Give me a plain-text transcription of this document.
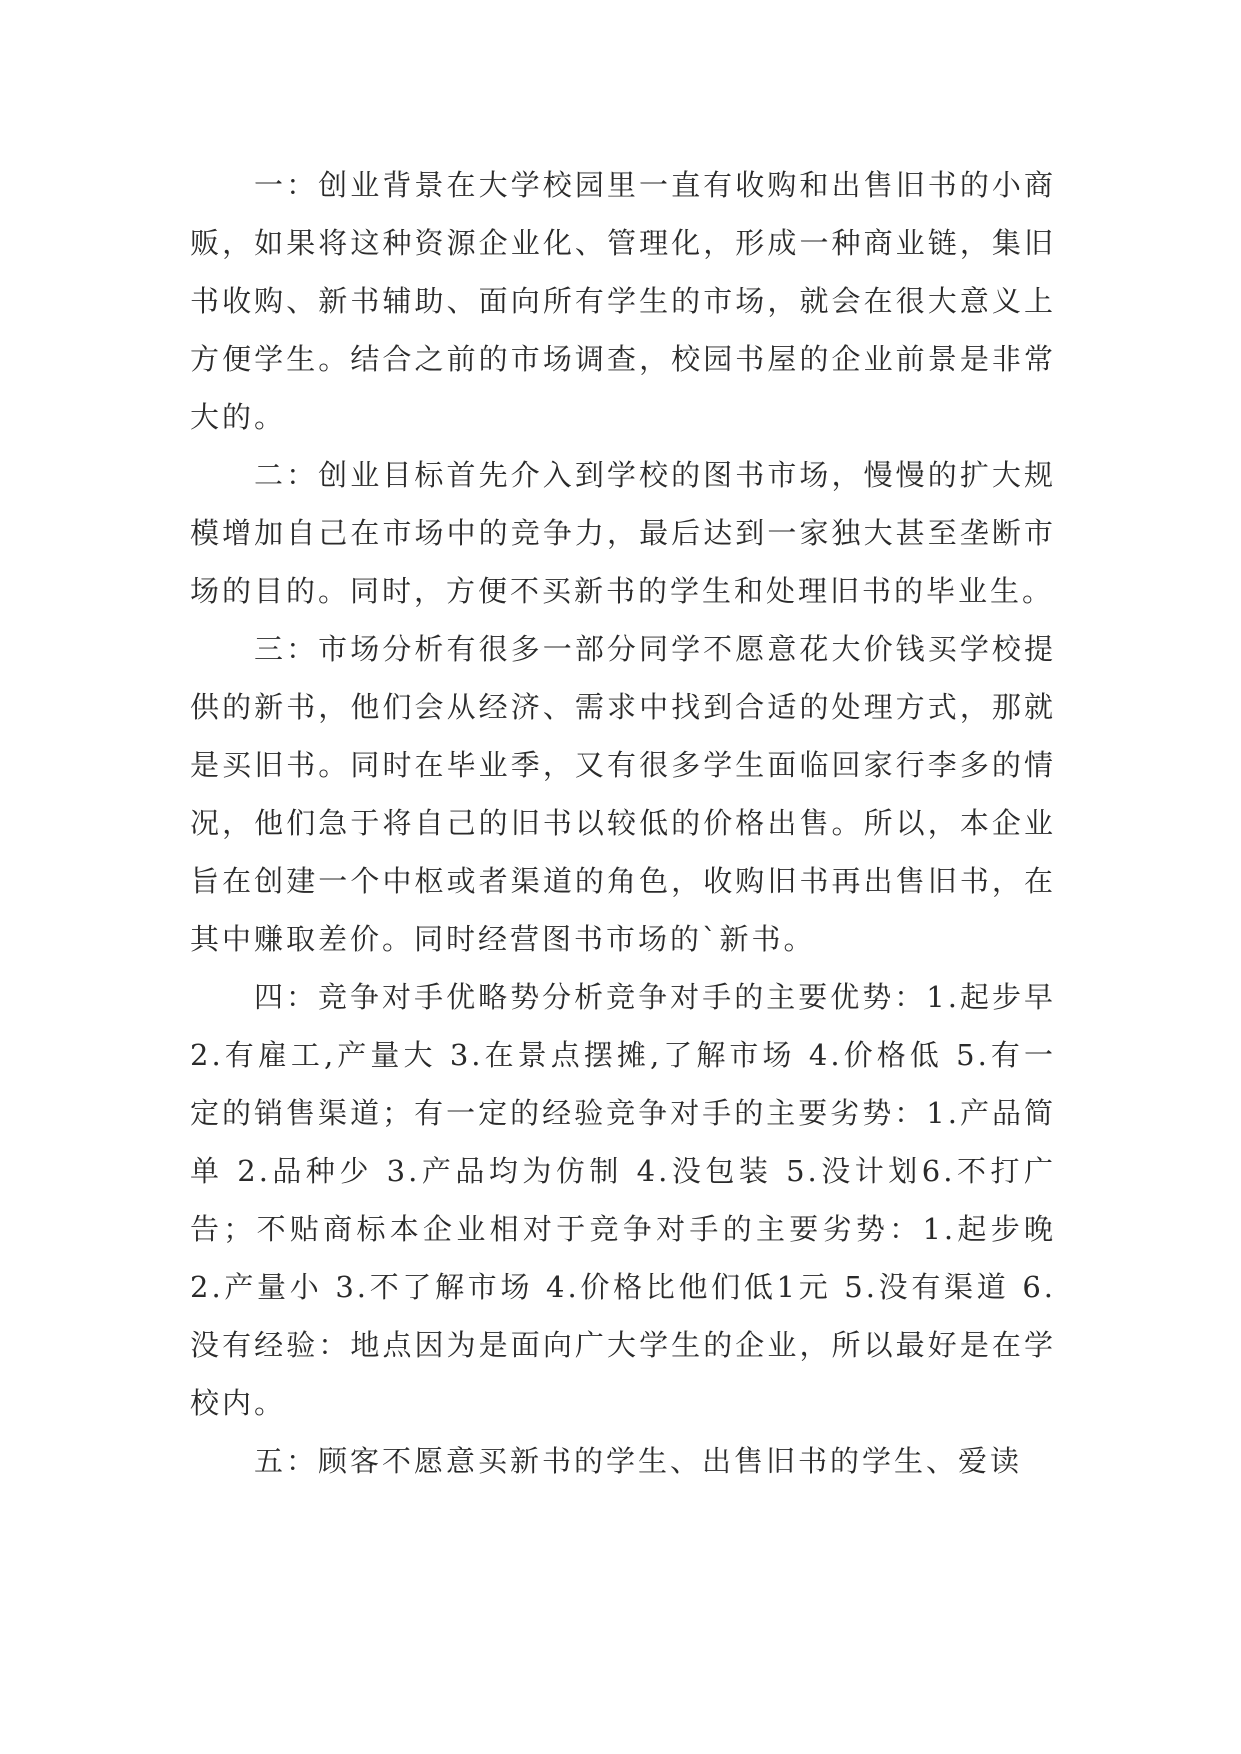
一：创业背景在大学校园里一直有收购和出售旧书的小商贩，如果将这种资源企业化、管理化，形成一种商业链，集旧书收购、新书辅助、面向所有学生的市场，就会在很大意义上方便学生。结合之前的市场调查，校园书屋的企业前景是非常大的。

二：创业目标首先介入到学校的图书市场，慢慢的扩大规模增加自己在市场中的竞争力，最后达到一家独大甚至垄断市场的目的。同时，方便不买新书的学生和处理旧书的毕业生。

三：市场分析有很多一部分同学不愿意花大价钱买学校提供的新书，他们会从经济、需求中找到合适的处理方式，那就是买旧书。同时在毕业季，又有很多学生面临回家行李多的情况，他们急于将自己的旧书以较低的价格出售。所以，本企业旨在创建一个中枢或者渠道的角色，收购旧书再出售旧书，在其中赚取差价。同时经营图书市场的`新书。

四：竞争对手优略势分析竞争对手的主要优势：1.起步早 2.有雇工,产量大 3.在景点摆摊,了解市场 4.价格低 5.有一定的销售渠道；有一定的经验竞争对手的主要劣势：1.产品简单 2.品种少 3.产品均为仿制 4.没包装 5.没计划6.不打广告；不贴商标本企业相对于竞争对手的主要劣势：1.起步晚 2.产量小 3.不了解市场 4.价格比他们低1元 5.没有渠道 6.没有经验：地点因为是面向广大学生的企业，所以最好是在学校内。

五：顾客不愿意买新书的学生、出售旧书的学生、爱读
